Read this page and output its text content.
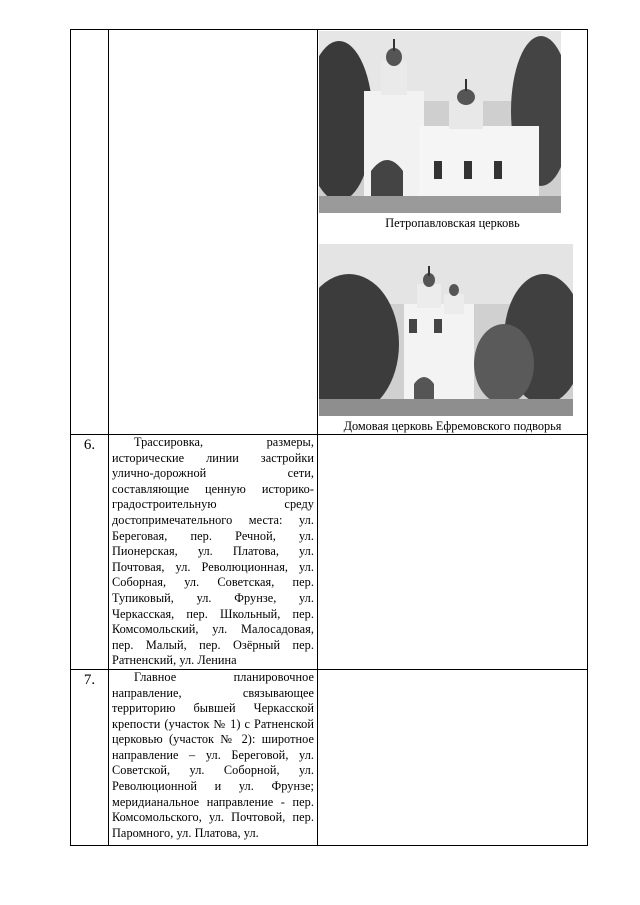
		Петропавловская церковь
Домовая церковь Ефремовского подворья

6.	Трассировка, размеры, исторические линии застройки улично-дорожной сети, составляющие ценную историко-градостроительную среду достопримечательного места: ул. Береговая, пер. Речной, ул. Пионерская, ул. Платова, ул. Почтовая, ул. Революционная, ул. Соборная, ул. Советская, пер. Тупиковый, ул. Фрунзе, ул. Черкасская, пер. Школьный, пер. Комсомольский, ул. Малосадовая, пер. Малый, пер. Озёрный пер. Ратненский, ул. Ленина	

7.	Главное планировочное направление, связывающее территорию бывшей Черкасской крепости (участок № 1) с Ратненской церковью (участок № 2): широтное направление – ул. Береговой, ул. Советской, ул. Соборной, ул. Революционной и ул. Фрунзе; меридианальное направление - пер. Комсомольского, ул. Почтовой, пер. Паромного, ул. Платова, ул.	
